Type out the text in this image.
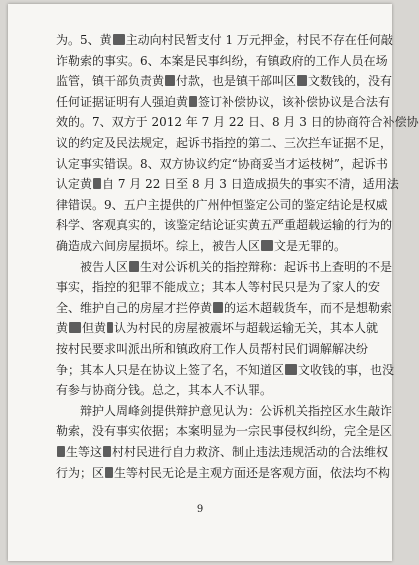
为。5、黄 主动向村民暂支付 1 万元押金，村民不存在任何敲
诈勒索的事实。6、本案是民事纠纷，有镇政府的工作人员在场
监管，镇干部负责黄 付款，也是镇干部叫区 文数钱的，没有
任何证据证明有人强迫黄 签订补偿协议，该补偿协议是合法有
效的。7、双方于 2012 年 7 月 22 日、8 月 3 日的协商符合补偿协
议的约定及民法规定，起诉书指控的第二、三次拦车证据不足，
认定事实错误。8、双方协议约定“协商妥当才运枝树”，起诉书
认定黄 自 7 月 22 日至 8 月 3 日造成损失的事实不清，适用法
律错误。9、五户主提供的广州仲恒鉴定公司的鉴定结论是权威
科学、客观真实的，该鉴定结论证实黄五严重超载运输的行为的
确造成六间房屋损坏。综上，被告人区 文是无罪的。
被告人区 生对公诉机关的指控辩称：起诉书上查明的不是
事实，指控的犯罪不能成立；其本人等村民只是为了家人的安
全、维护自己的房屋才拦停黄 的运木超载货车，而不是想勒索
黄 但黄 认为村民的房屋被震坏与超载运输无关，其本人就
按村民要求叫派出所和镇政府工作人员帮村民们调解解决纷
争；其本人只是在协议上签了名，不知道区 文收钱的事，也没
有参与协商分钱。总之，其本人不认罪。
辩护人周峰剑提供辩护意见认为：公诉机关指控区水生敲诈
勒索，没有事实依据；本案明显为一宗民事侵权纠纷，完全是区
生等这 村村民进行自力救济、制止违法违规活动的合法维权
行为；区 生等村民无论是主观方面还是客观方面，依法均不构
9
